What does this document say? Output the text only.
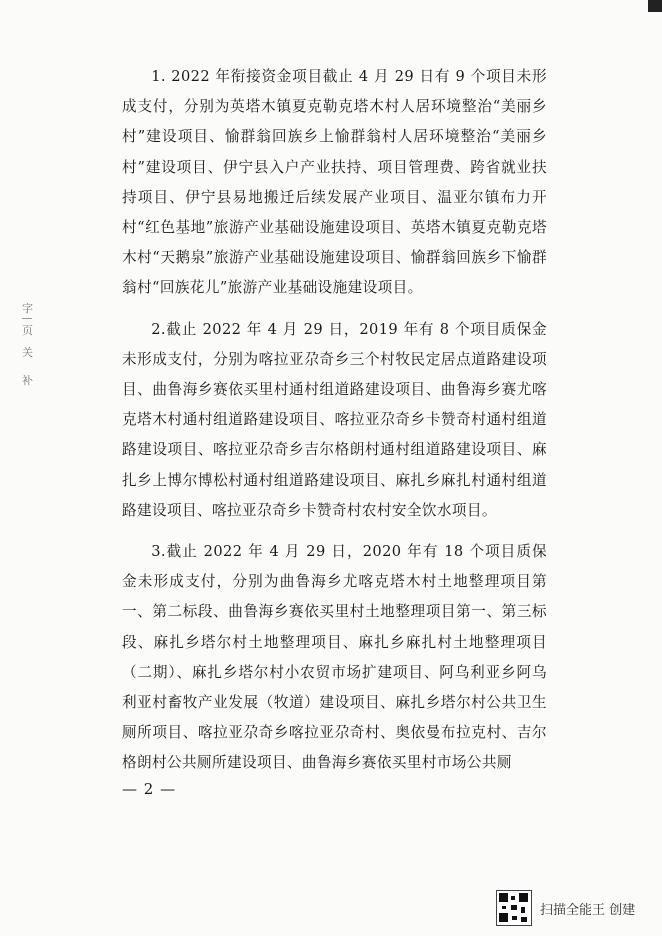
字
页
关
补

1. 2022 年衔接资金项目截止 4 月 29 日有 9 个项目未形成支付，分别为英塔木镇夏克勒克塔木村人居环境整治“美丽乡村”建设项目、愉群翁回族乡上愉群翁村人居环境整治“美丽乡村”建设项目、伊宁县入户产业扶持、项目管理费、跨省就业扶持项目、伊宁县易地搬迁后续发展产业项目、温亚尔镇布力开村“红色基地”旅游产业基础设施建设项目、英塔木镇夏克勒克塔木村“天鹅泉”旅游产业基础设施建设项目、愉群翁回族乡下愉群翁村“回族花儿”旅游产业基础设施建设项目。

2.截止 2022 年 4 月 29 日，2019 年有 8 个项目质保金未形成支付，分别为喀拉亚尕奇乡三个村牧民定居点道路建设项目、曲鲁海乡赛依买里村通村组道路建设项目、曲鲁海乡赛尤喀克塔木村通村组道路建设项目、喀拉亚尕奇乡卡赞奇村通村组道路建设项目、喀拉亚尕奇乡吉尔格朗村通村组道路建设项目、麻扎乡上博尔博松村通村组道路建设项目、麻扎乡麻扎村通村组道路建设项目、喀拉亚尕奇乡卡赞奇村农村安全饮水项目。

3.截止 2022 年 4 月 29 日，2020 年有 18 个项目质保金未形成支付，分别为曲鲁海乡尤喀克塔木村土地整理项目第一、第二标段、曲鲁海乡赛依买里村土地整理项目第一、第三标段、麻扎乡塔尔村土地整理项目、麻扎乡麻扎村土地整理项目（二期）、麻扎乡塔尔村小农贸市场扩建项目、阿乌利亚乡阿乌利亚村畜牧产业发展（牧道）建设项目、麻扎乡塔尔村公共卫生厕所项目、喀拉亚尕奇乡喀拉亚尕奇村、奥依曼布拉克村、吉尔格朗村公共厕所建设项目、曲鲁海乡赛依买里村市场公共厕

— 2 —
扫描全能王 创建
